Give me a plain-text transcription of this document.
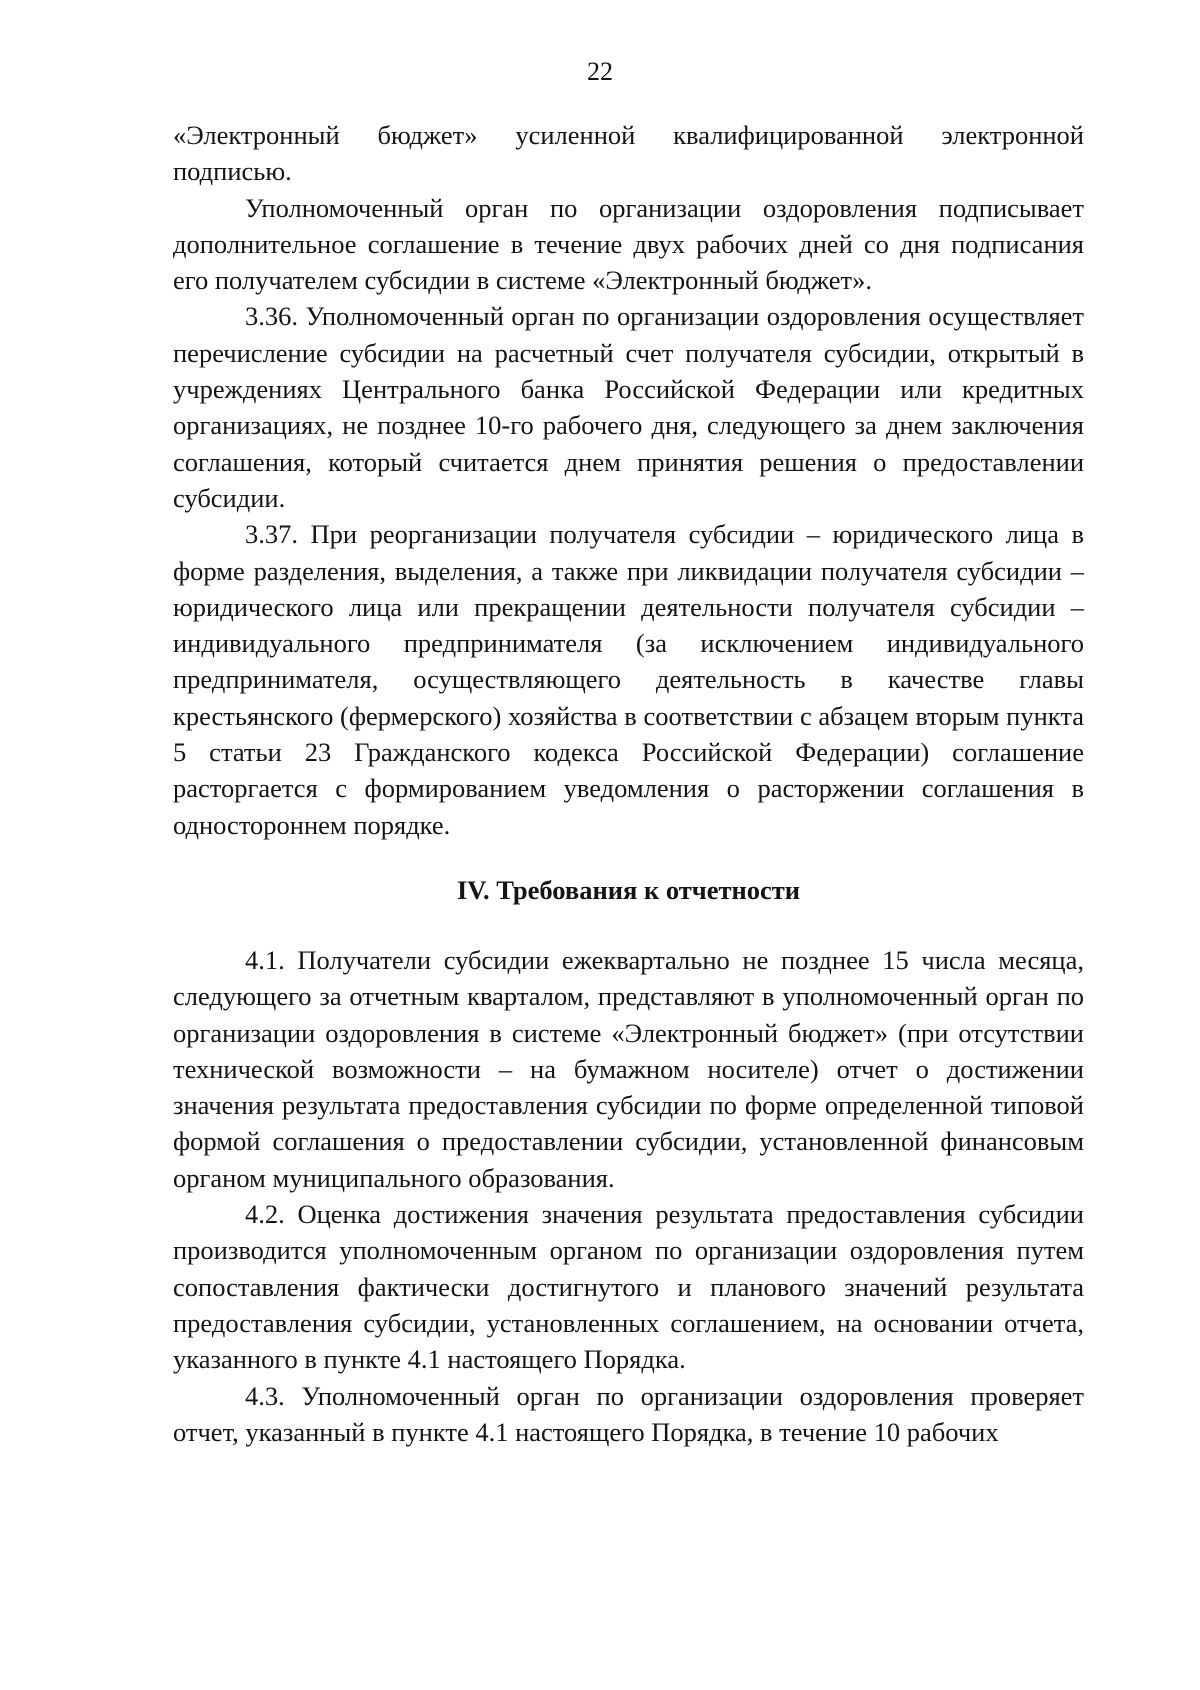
22

«Электронный бюджет» усиленной квалифицированной электронной подписью.

Уполномоченный орган по организации оздоровления подписывает дополнительное соглашение в течение двух рабочих дней со дня подписания его получателем субсидии в системе «Электронный бюджет».

3.36. Уполномоченный орган по организации оздоровления осуществляет перечисление субсидии на расчетный счет получателя субсидии, открытый в учреждениях Центрального банка Российской Федерации или кредитных организациях, не позднее 10-го рабочего дня, следующего за днем заключения соглашения, который считается днем принятия решения о предоставлении субсидии.

3.37. При реорганизации получателя субсидии – юридического лица в форме разделения, выделения, а также при ликвидации получателя субсидии – юридического лица или прекращении деятельности получателя субсидии – индивидуального предпринимателя (за исключением индивидуального предпринимателя, осуществляющего деятельность в качестве главы крестьянского (фермерского) хозяйства в соответствии с абзацем вторым пункта 5 статьи 23 Гражданского кодекса Российской Федерации) соглашение расторгается с формированием уведомления о расторжении соглашения в одностороннем порядке.

IV. Требования к отчетности

4.1. Получатели субсидии ежеквартально не позднее 15 числа месяца, следующего за отчетным кварталом, представляют в уполномоченный орган по организации оздоровления в системе «Электронный бюджет» (при отсутствии технической возможности – на бумажном носителе) отчет о достижении значения результата предоставления субсидии по форме определенной типовой формой соглашения о предоставлении субсидии, установленной финансовым органом муниципального образования.

4.2. Оценка достижения значения результата предоставления субсидии производится уполномоченным органом по организации оздоровления путем сопоставления фактически достигнутого и планового значений результата предоставления субсидии, установленных соглашением, на основании отчета, указанного в пункте 4.1 настоящего Порядка.

4.3. Уполномоченный орган по организации оздоровления проверяет отчет, указанный в пункте 4.1 настоящего Порядка, в течение 10 рабочих
